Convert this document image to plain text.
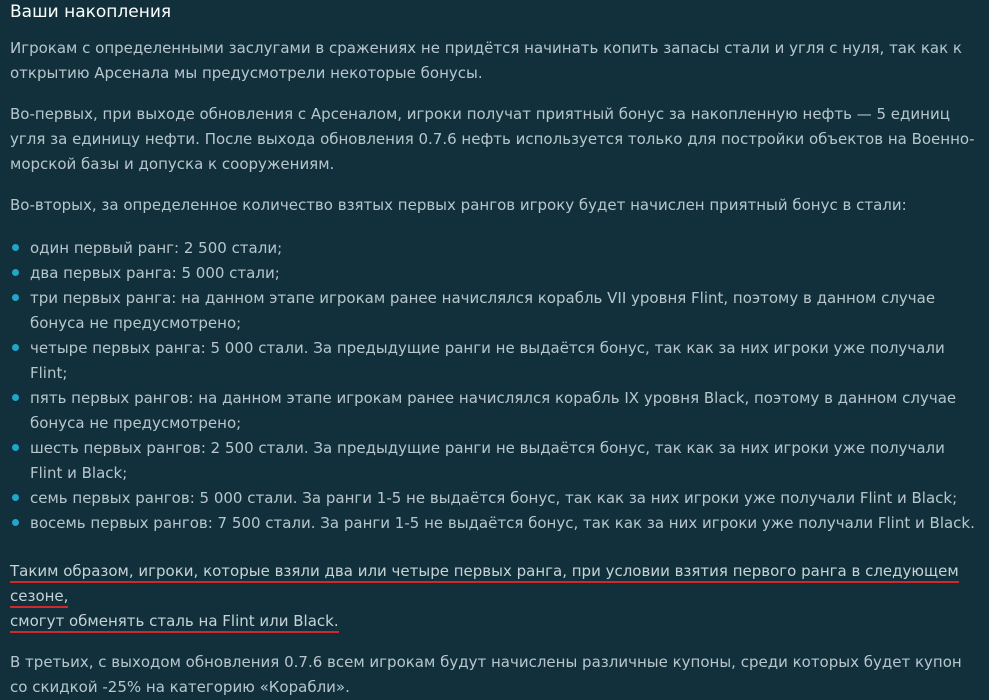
Ваши накопления

Игрокам с определенными заслугами в сражениях не придётся начинать копить запасы стали и угля с нуля, так как к открытию Арсенала мы предусмотрели некоторые бонусы.

Во-первых, при выходе обновления с Арсеналом, игроки получат приятный бонус за накопленную нефть — 5 единиц угля за единицу нефти. После выхода обновления 0.7.6 нефть используется только для постройки объектов на Военно-морской базы и допуска к сооружениям.

Во-вторых, за определенное количество взятых первых рангов игроку будет начислен приятный бонус в стали:

один первый ранг: 2 500 стали;
два первых ранга: 5 000 стали;
три первых ранга: на данном этапе игрокам ранее начислялся корабль VII уровня Flint, поэтому в данном случае бонуса не предусмотрено;
четыре первых ранга: 5 000 стали. За предыдущие ранги не выдаётся бонус, так как за них игроки уже получали Flint;
пять первых рангов: на данном этапе игрокам ранее начислялся корабль IX уровня Black, поэтому в данном случае бонуса не предусмотрено;
шесть первых рангов: 2 500 стали. За предыдущие ранги не выдаётся бонус, так как за них игроки уже получали Flint и Black;
семь первых рангов: 5 000 стали. За ранги 1-5 не выдаётся бонус, так как за них игроки уже получали Flint и Black;
восемь первых рангов: 7 500 стали. За ранги 1-5 не выдаётся бонус, так как за них игроки уже получали Flint и Black.

Таким образом, игроки, которые взяли два или четыре первых ранга, при условии взятия первого ранга в следующем сезоне,
смогут обменять сталь на Flint или Black.

В третьих, с выходом обновления 0.7.6 всем игрокам будут начислены различные купоны, среди которых будет купон со скидкой -25% на категорию «Корабли».
